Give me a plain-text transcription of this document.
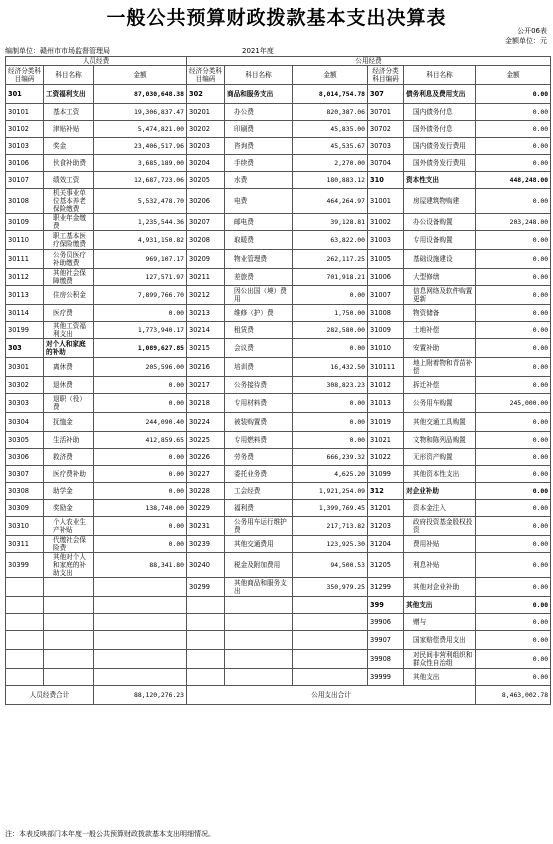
一般公共预算财政拨款基本支出决算表
公开06表
金额单位：元
编制单位：赣州市市场监督管理局	2021年度
人员经费			公用经费					
经济分类科目编码	科目名称	金额	经济分类科目编码	科目名称	金额	经济分类科目编码	科目名称	金额
301	工资福利支出	87,030,648.38	302	商品和服务支出	8,014,754.78	307	债务利息及费用支出	0.00
30101	基本工资	19,306,837.47	30201	办公费	820,387.06	30701	国内债务付息	0.00
30102	津贴补贴	5,474,821.00	30202	印刷费	45,835.00	30702	国外债务付息	0.00
30103	奖金	23,406,517.96	30203	咨询费	45,535.67	30703	国内债务发行费用	0.00
30106	伙食补助费	3,685,189.00	30204	手续费	2,270.00	30704	国外债务发行费用	0.00
30107	绩效工资	12,687,723.06	30205	水费	180,883.12	310	资本性支出	448,248.00
30108	机关事业单位基本养老保险缴费	5,532,478.70	30206	电费	464,264.97	31001	房屋建筑物购建	0.00
30109	职业年金缴费	1,235,544.36	30207	邮电费	39,128.81	31002	办公设备购置	203,248.00
30110	职工基本医疗保险缴费	4,931,150.82	30208	取暖费	63,822.00	31003	专用设备购置	0.00
30111	公务员医疗补助缴费	969,107.17	30209	物业管理费	262,117.25	31005	基础设施建设	0.00
30112	其他社会保障缴费	127,571.97	30211	差旅费	701,918.21	31006	大型修缮	0.00
30113	住房公积金	7,899,766.70	30212	因公出国（境）费用	0.00	31007	信息网络及软件购置更新	0.00
30114	医疗费	0.00	30213	维修（护）费	1,750.00	31008	物资储备	0.00
30199	其他工资福利支出	1,773,940.17	30214	租赁费	282,580.00	31009	土地补偿	0.00
303	对个人和家庭的补助	1,089,627.85	30215	会议费	0.00	31010	安置补助	0.00
30301	离休费	205,596.00	30216	培训费	16,432.50	310111	地上附着物和青苗补偿	0.00
30302	退休费	0.00	30217	公务接待费	308,823.23	31012	拆迁补偿	0.00
30303	退职（役）费	0.00	30218	专用材料费	0.00	31013	公务用车购置	245,000.00
30304	抚恤金	244,090.40	30224	被装购置费	0.00	31019	其他交通工具购置	0.00
30305	生活补助	412,859.65	30225	专用燃料费	0.00	31021	文物和陈列品购置	0.00
30306	救济费	0.00	30226	劳务费	666,239.32	31022	无形资产购置	0.00
30307	医疗费补助	0.00	30227	委托业务费	4,625.20	31099	其他资本性支出	0.00
30308	助学金	0.00	30228	工会经费	1,921,254.09	312	对企业补助	0.00
30309	奖励金	138,740.00	30229	福利费	1,399,769.45	31201	资本金注入	0.00
30310	个人农业生产补贴	0.00	30231	公务用车运行维护费	217,713.82	31203	政府投资基金股权投资	0.00
30311	代缴社会保险费	0.00	30239	其他交通费用	123,925.30	31204	费用补贴	0.00
30399	其他对个人和家庭的补助支出	88,341.80	30240	税金及附加费用	94,500.53	31205	利息补贴	0.00
			30299	其他商品和服务支出	350,979.25	31299	其他对企业补助	0.00
						399	其他支出	0.00
						39906	赠与	0.00
						39907	国家赔偿费用支出	0.00
						39908	对民间非营利组织和群众性自治组	0.00
						39999	其他支出	0.00
人员经费合计		88,120,276.23	公用支出合计					8,463,002.78
注：本表反映部门本年度一般公共预算财政拨款基本支出明细情况。
